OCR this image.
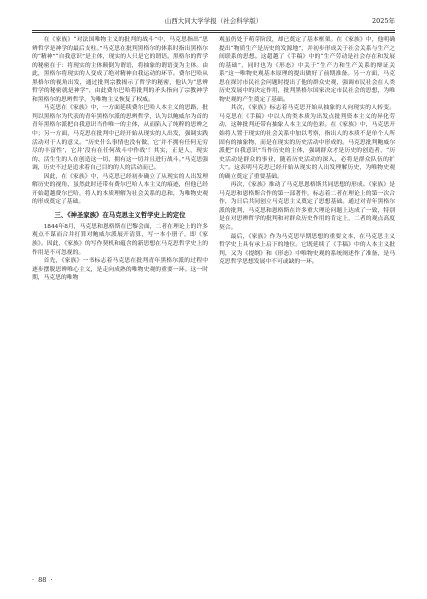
山西大同大学学报（社会科学版）	2025年

在《家族》“对法国唯物主义的批判的战斗”中，马克思指出“思辨哲学是神学的最后支柱。”马克思在批判黑格尔的体系时指出黑格尔的“精神”“自我意识”是主体，现实的人只是它的谓语。黑格尔的哲学的秘密在于：将现实的主体颠倒为谓语，将抽象的谓语变为主体。由此，黑格尔将现实的人变成了绝对精神自我运动的环节。费尔巴哈从黑格尔的视角出发，通过批判宗教揭示了哲学的秘密，他认为“思辨哲学的秘密就是神学”，由此费尔巴哈将批判的矛头指向了宗教神学和黑格尔的思辨哲学，为唯物主义恢复了权威。

马克思在《家族》中，一方面延续费尔巴哈人本主义的思路，批判以黑格尔为代表的青年黑格尔派的思辨哲学，认为以鲍威尔为首的青年黑格尔派把自我意识当作唯一的主体，从而陷入了纯粹的思辨之中；另一方面，马克思在批判中已经开始从现实的人出发，强调实践活动对于人的意义。“历史什么事情也没有做，它‘并不拥有任何无穷尽的丰富性’，它并‘没有在任何战斗中作战’！其实，正是人，现实的、活生生的人在创造这一切，拥有这一切并且进行战斗。”马克思强调，历史不过是追求着自己目的的人的活动而已。

因此，在《家族》中，马克思已经初步确立了从现实的人出发理解历史的视角，虽然此时还带有费尔巴哈人本主义的痕迹，但他已经开始超越费尔巴哈，将人的本质理解为社会关系的总和，为唯物史观的形成奠定了基础。

三、《神圣家族》在马克思主义哲学史上的定位

1844年8月，马克思和恩格斯在巴黎会面，二者在理论上的许多观点不谋而合并打算对鲍威尔派展开清算，写一本小册子，即《家族》。因此，《家族》的写作契机和蕴含的新思想在马克思哲学史上的作用是不可忽视的。

首先，《家族》一书标志着马克思在批判青年黑格尔派的过程中逐步摆脱思辨唯心主义，是走向成熟的唯物史观的重要一环。这一时期，马克思的唯物

观虽仍处于萌芽阶段，却已奠定了基本框架。在《家族》中，他明确提出“物质生产是历史的发源地”，并初步形成关于社会关系与生产之间联系的思想。这超越了《手稿》中的“生产劳动是社会存在和发展的基础”，同时也为《形态》中关于“生产力和生产关系的辩证关系”这一唯物史观基本原理的提出做好了前期准备。另一方面，马克思在探讨市民社会问题时提出了他的群众史观，强调市民社会在人类历史发展中的决定作用，批判黑格尔国家决定市民社会的思想，为唯物史观的产生奠定了基础。

其次，《家族》标志着马克思开始从抽象的人向现实的人转变。马克思在《手稿》中以人的类本质为出发点批判资本主义的异化劳动，这种批判还带有抽象人本主义的色彩。在《家族》中，马克思开始将人置于现实的社会关系中加以考察，指出人的本质不是单个人所固有的抽象物，而是在现实的历史活动中形成的。马克思批判鲍威尔派把“自我意识”当作历史的主体，强调群众才是历史的创造者，“历史活动是群众的事业，随着历史活动的深入，必将是群众队伍的扩大”。这表明马克思已经开始从现实的人出发理解历史，为唯物史观的确立奠定了重要基础。

再次，《家族》推动了马克思恩格斯共同思想的形成。《家族》是马克思和恩格斯合作的第一部著作，标志着二者在理论上的第一次合作，为日后共同创立马克思主义奠定了思想基础。通过对青年黑格尔派的批判，马克思和恩格斯在许多重大理论问题上达成了一致，特别是在对思辨哲学的批判和对群众历史作用的肯定上，二者的观点高度契合。

最后，《家族》作为马克思早期思想的重要文本，在马克思主义哲学史上具有承上启下的地位。它既延续了《手稿》中的人本主义批判，又为《提纲》和《形态》中唯物史观的系统阐述作了准备，是马克思哲学思想发展中不可或缺的一环。

· 88 ·
